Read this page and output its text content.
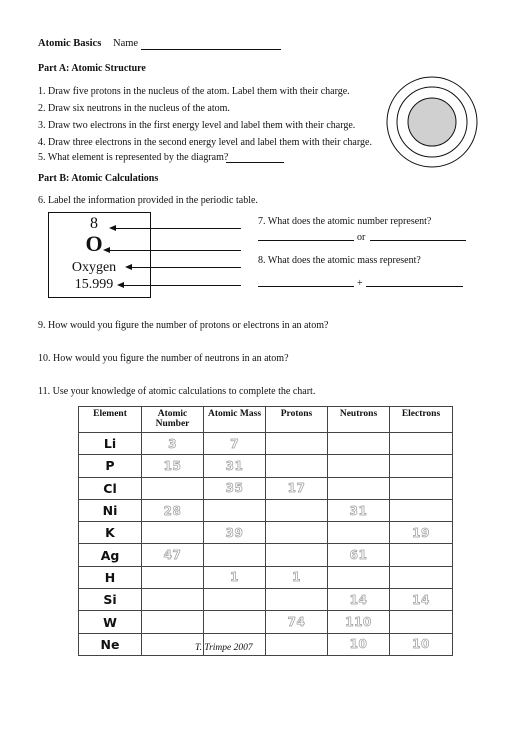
Atomic Basics Name
Part A: Atomic Structure
1. Draw five protons in the nucleus of the atom. Label them with their charge.
2. Draw six neutrons in the nucleus of the atom.
3. Draw two electrons in the first energy level and label them with their charge.
4. Draw three electrons in the second energy level and label them with their charge.
5. What element is represented by the diagram?
Part B: Atomic Calculations
6. Label the information provided in the periodic table.
8
O
Oxygen
15.999
7. What does the atomic number represent?
or
8. What does the atomic mass represent?
+
9. How would you figure the number of protons or electrons in an atom?
10. How would you figure the number of neutrons in an atom?
11. Use your knowledge of atomic calculations to complete the chart.
Element	Atomic Number	Atomic Mass	Protons	Neutrons	Electrons
Li	3	7			
P	15	31			
Cl		35	17		
Ni	28			31	
K		39			19
Ag	47			61	
H		1	1		
Si				14	14
W			74	110	
Ne				10	10
T. Trimpe 2007
